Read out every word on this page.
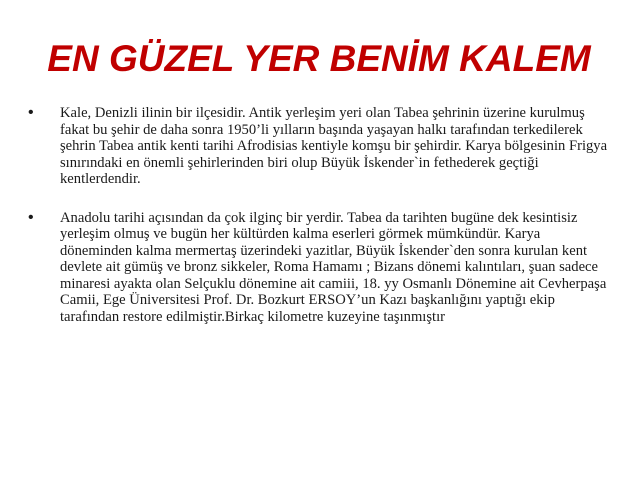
EN GÜZEL YER BENİM KALEM
• Kale, Denizli ilinin bir ilçesidir. Antik yerleşim yeri olan Tabea şehrinin üzerine kurulmuş fakat bu şehir de daha sonra 1950’li yılların başında yaşayan halkı tarafından terkedilerek şehrin Tabea antik kenti tarihi Afrodisias kentiyle komşu bir şehirdir. Karya bölgesinin Frigya sınırındaki en önemli şehirlerinden biri olup Büyük İskender`in fethederek geçtiği kentlerdendir.
• Anadolu tarihi açısından da çok ilginç bir yerdir. Tabea da tarihten bugüne dek kesintisiz yerleşim olmuş ve bugün her kültürden kalma eserleri görmek mümkündür. Karya döneminden kalma mermertaş üzerindeki yazitlar, Büyük İskender`den sonra kurulan kent devlete ait gümüş ve bronz sikkeler, Roma Hamamı ; Bizans dönemi kalıntıları, şuan sadece minaresi ayakta olan Selçuklu dönemine ait camiii, 18. yy Osmanlı Dönemine ait Cevherpaşa Camii, Ege Üniversitesi Prof. Dr. Bozkurt ERSOY’un Kazı başkanlığını yaptığı ekip tarafından restore edilmiştir.Birkaç kilometre kuzeyine taşınmıştır
